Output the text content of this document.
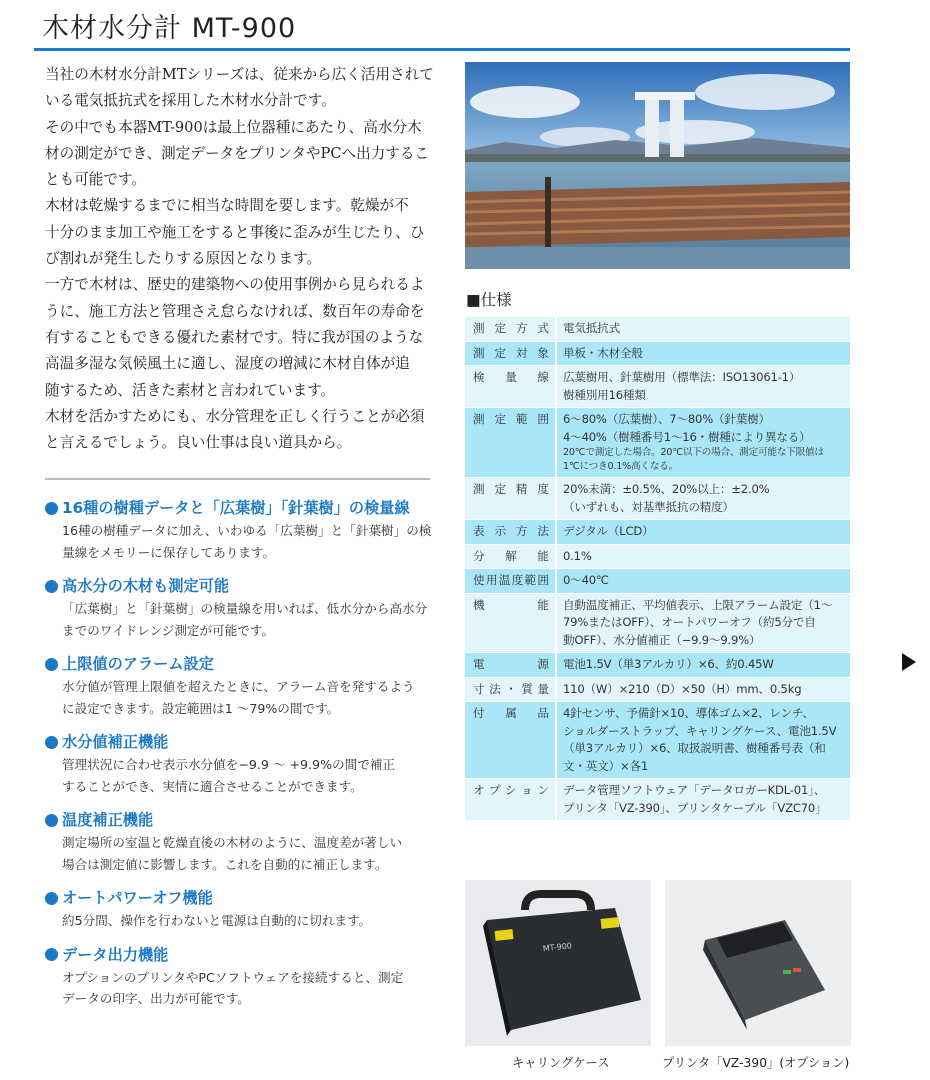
木材水分計 MT-900
当社の木材水分計MTシリーズは、従来から広く活用されて
いる電気抵抗式を採用した木材水分計です。
その中でも本器MT-900は最上位器種にあたり、高水分木
材の測定ができ、測定データをプリンタやPCへ出力するこ
とも可能です。
木材は乾燥するまでに相当な時間を要します。乾燥が不
十分のまま加工や施工をすると事後に歪みが生じたり、ひ
び割れが発生したりする原因となります。
一方で木材は、歴史的建築物への使用事例から見られるよ
うに、施工方法と管理さえ怠らなければ、数百年の寿命を
有することもできる優れた素材です。特に我が国のような
高温多湿な気候風土に適し、湿度の増減に木材自体が追
随するため、活きた素材と言われています。
木材を活かすためにも、水分管理を正しく行うことが必須
と言えるでしょう。良い仕事は良い道具から。
16種の樹種データと「広葉樹」「針葉樹」の検量線
16種の樹種データに加え、いわゆる「広葉樹」と「針葉樹」の検
量線をメモリーに保存してあります。
高水分の木材も測定可能
「広葉樹」と「針葉樹」の検量線を用いれば、低水分から高水分
までのワイドレンジ測定が可能です。
上限値のアラーム設定
水分値が管理上限値を超えたときに、アラーム音を発するよう
に設定できます。設定範囲は1 ～79%の間です。
水分値補正機能
管理状況に合わせ表示水分値を−9.9 ～ +9.9%の間で補正
することができ、実情に適合させることができます。
温度補正機能
測定場所の室温と乾燥直後の木材のように、温度差が著しい
場合は測定値に影響します。これを自動的に補正します。
オートパワーオフ機能
約5分間、操作を行わないと電源は自動的に切れます。
データ出力機能
オプションのプリンタやPCソフトウェアを接続すると、測定
データの印字、出力が可能です。
■仕様
測定方式	電気抵抗式

測定対象	単板・木材全般

検量線	広葉樹用、針葉樹用（標準法：ISO13061-1）
樹種別用16種類

測定範囲	6～80%（広葉樹）、7～80%（針葉樹）
4～40%（樹種番号1～16・樹種により異なる）
20℃で測定した場合。20℃以下の場合、測定可能な下限値は
1℃につき0.1%高くなる。

測定精度	20%未満：±0.5%、20%以上：±2.0%
（いずれも、対基準抵抗の精度）

表示方法	デジタル（LCD）

分解能	0.1%

使用温度範囲	0～40℃

機能	自動温度補正、平均値表示、上限アラーム設定（1～
79%またはOFF）、オートパワーオフ（約5分で自
動OFF）、水分値補正（−9.9～9.9%）

電源	電池1.5V（単3アルカリ）×6、約0.45W

寸法・質量	110（W）×210（D）×50（H）mm、0.5kg

付属品	4針センサ、予備針×10、導体ゴム×2、レンチ、
ショルダーストラップ、キャリングケース、電池1.5V
（単3アルカリ）×6、取扱説明書、樹種番号表（和
文・英文）×各1

オプション	データ管理ソフトウェア「データロガーKDL-01」、
プリンタ「VZ-390」、プリンタケーブル「VZC70」
MT-900
キャリングケース	プリンタ「VZ-390」(オプション)
